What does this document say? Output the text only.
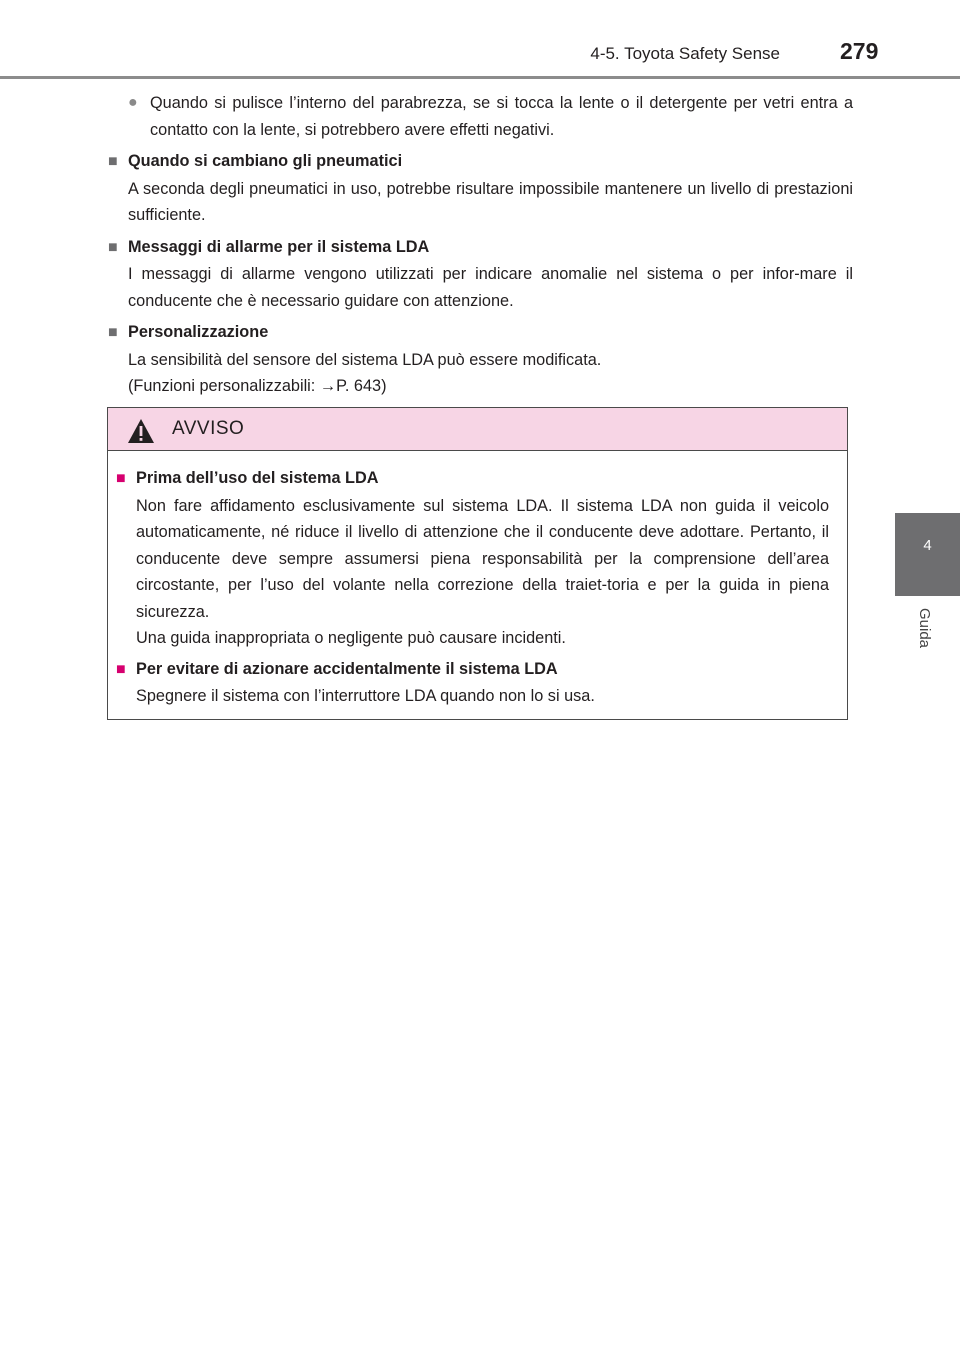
4-5. Toyota Safety Sense	279
4
Guida
● Quando si pulisce l’interno del parabrezza, se si tocca la lente o il detergente per vetri entra a contatto con la lente, si potrebbero avere effetti negativi.
■ Quando si cambiano gli pneumatici
A seconda degli pneumatici in uso, potrebbe risultare impossibile mantenere un livello di prestazioni sufficiente.
■ Messaggi di allarme per il sistema LDA
I messaggi di allarme vengono utilizzati per indicare anomalie nel sistema o per infor-mare il conducente che è necessario guidare con attenzione.
■ Personalizzazione
La sensibilità del sensore del sistema LDA può essere modificata.
(Funzioni personalizzabili: →P. 643)
AVVISO
■ Prima dell’uso del sistema LDA
Non fare affidamento esclusivamente sul sistema LDA. Il sistema LDA non guida il veicolo automaticamente, né riduce il livello di attenzione che il conducente deve adottare. Pertanto, il conducente deve sempre assumersi piena responsabilità per la comprensione dell’area circostante, per l’uso del volante nella correzione della traiet-toria e per la guida in piena sicurezza.
Una guida inappropriata o negligente può causare incidenti.
■ Per evitare di azionare accidentalmente il sistema LDA
Spegnere il sistema con l’interruttore LDA quando non lo si usa.
